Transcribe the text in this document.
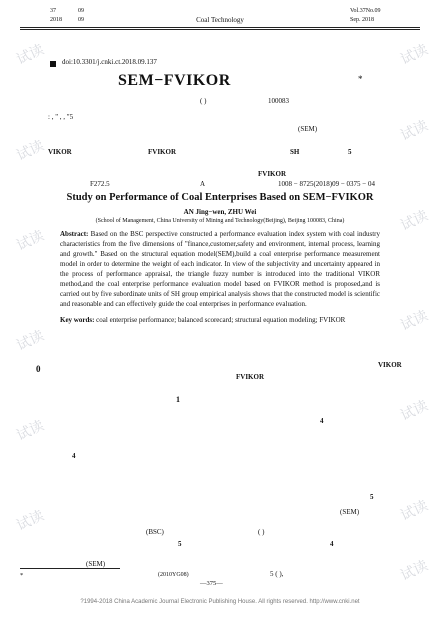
37	09
2018	09	Coal Technology
Vol.37No.09
Sep. 2018
doi:10.3301/j.cnki.ct.2018.09.137
SEM−FVIKOR	*
( )	100083
: , " , , "5
(SEM)
VIKOR	FVIKOR	SH	5
FVIKOR
F272.5	A	1008 − 8725(2018)09 − 0375 − 04
Study on Performance of Coal Enterprises Based on SEM−FVIKOR
AN Jing−wen, ZHU Wei
(School of Management, China University of Mining and Technology(Beijing), Beijing 100083, China)
Abstract: Based on the BSC perspective constructed a performance evaluation index system with coal industry characteristics from the five dimensions of "finance,customer,safety and environment, internal process, learning and growth." Based on the structural equation model(SEM),build a coal enterprise performance measurement model in order to determine the weight of each indicator. In view of the subjectivity and uncertainty appeared in the process of performance appraisal, the triangle fuzzy number is introduced into the traditional VIKOR method,and the coal enterprise performance evaluation model based on FVIKOR method is proposed,and is carried out by five subordinate units of SH group empirical analysis shows that the constructed model is scientific and reasonable and can effectively guide the coal enterprises in performance evaluation.
Key words: coal enterprise performance; balanced scorecard; structural equation modeling; FVIKOR
0	VIKOR
FVIKOR
1
4
4
5
(SEM)
(BSC)
5
( )
4
(SEM)
5 ( ),
*	(2010YG08)
—375—
?1994-2018 China Academic Journal Electronic Publishing House. All rights reserved. http://www.cnki.net
试读	试读
试读
试读
试读
试读
试读
试读
试读
试读
试读	试读
试读
